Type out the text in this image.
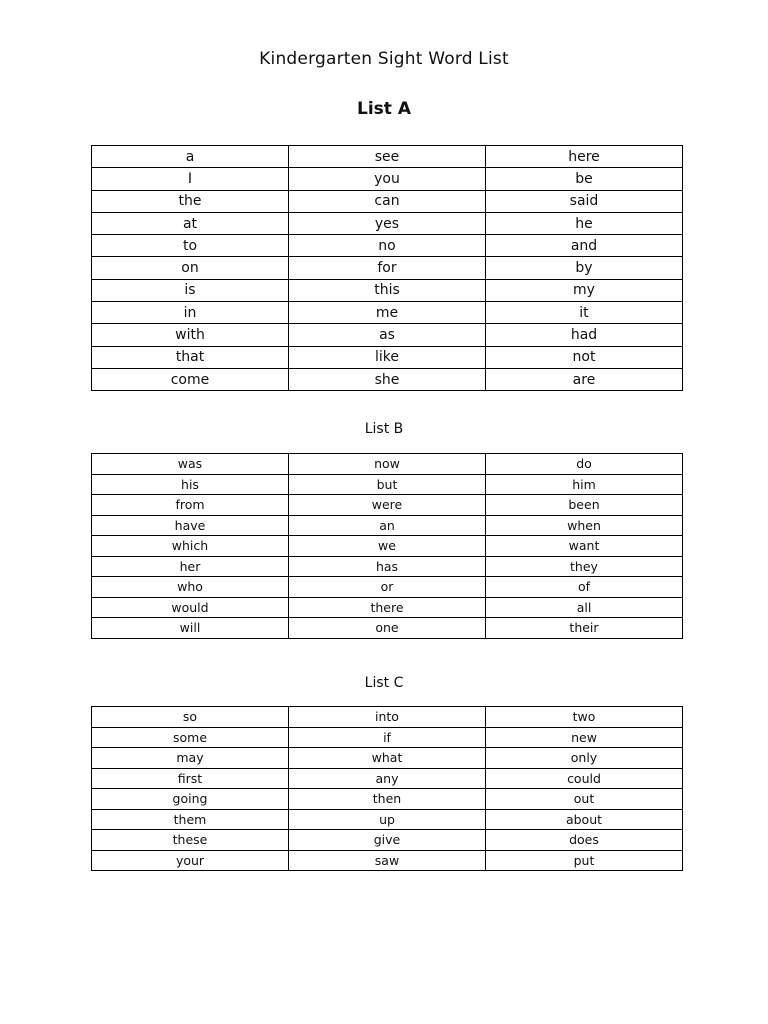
Kindergarten Sight Word List
List A
a	see	here
I	you	be
the	can	said
at	yes	he
to	no	and
on	for	by
is	this	my
in	me	it
with	as	had
that	like	not
come	she	are
List B
was	now	do
his	but	him
from	were	been
have	an	when
which	we	want
her	has	they
who	or	of
would	there	all
will	one	their
List C
so	into	two
some	if	new
may	what	only
first	any	could
going	then	out
them	up	about
these	give	does
your	saw	put
